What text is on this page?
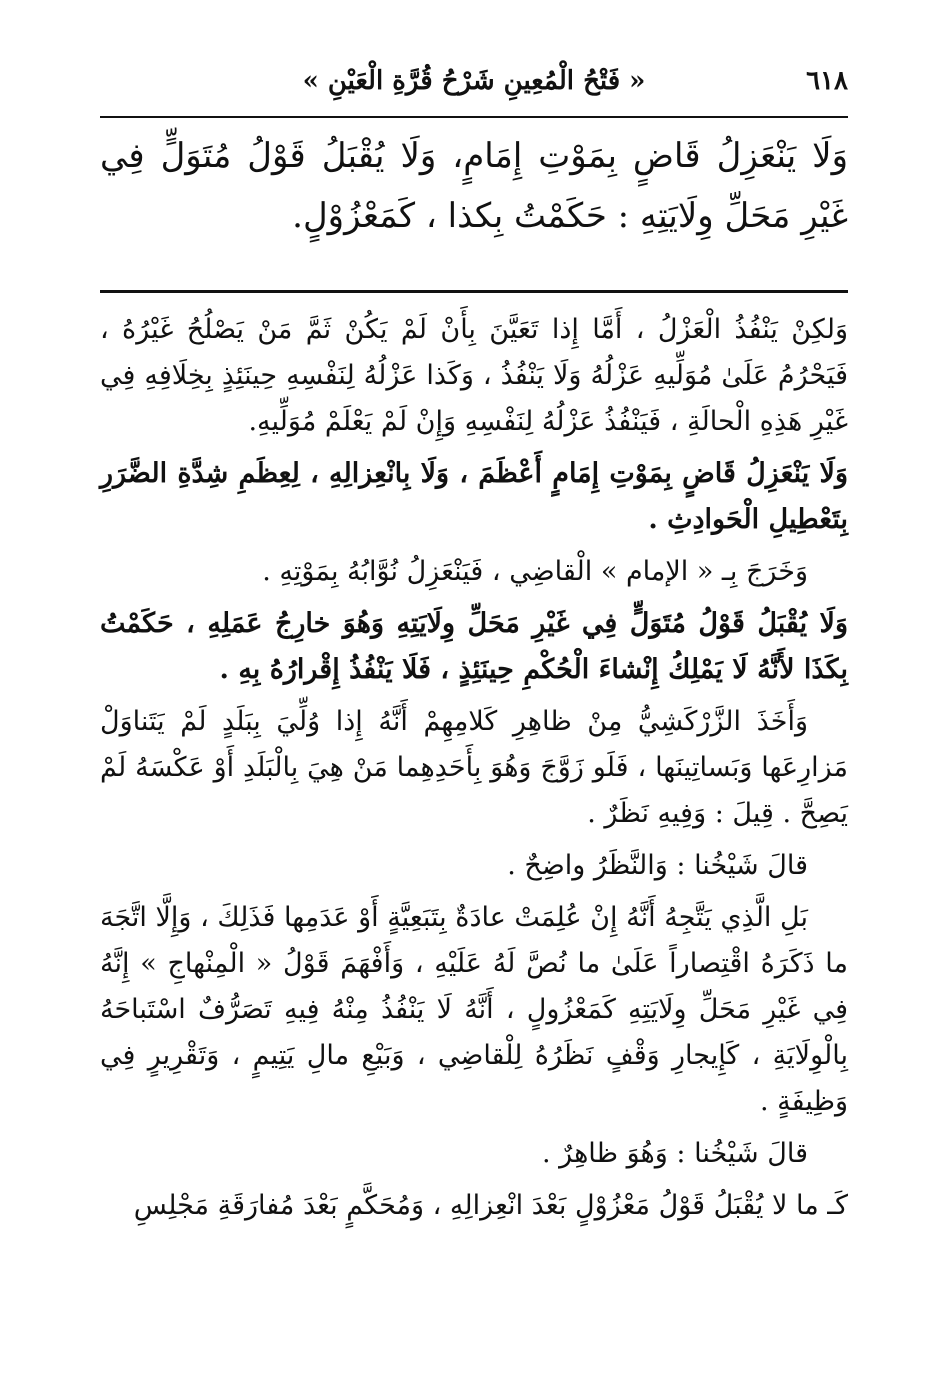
٦١٨
« فَتْحُ الْمُعِينِ شَرْحُ قُرَّةِ الْعَيْنِ »
وَلَا يَنْعَزِلُ قَاضٍ بِمَوْتِ إِمَامٍ، وَلَا يُقْبَلُ قَوْلُ مُتَوَلٍّ فِي غَيْرِ مَحَلِّ وِلَايَتِهِ : حَكَمْتُ بِكذا ، كَمَعْزُوْلٍ.

وَلكِنْ يَنْفُذُ الْعَزْلُ ، أَمَّا إِذا تَعَيَّنَ بِأَنْ لَمْ يَكُنْ ثَمَّ مَنْ يَصْلُحُ غَيْرُهُ ، فَيَحْرُمُ عَلَىٰ مُوَلِّيهِ عَزْلُهُ وَلَا يَنْفُذُ ، وَكَذا عَزْلُهُ لِنَفْسِهِ حِينَئِذٍ بِخِلَافِهِ فِي غَيْرِ هَذِهِ الْحالَةِ ، فَيَنْفُذُ عَزْلُهُ لِنَفْسِهِ وَإِنْ لَمْ يَعْلَمْ مُوَلِّيهِ.

وَلَا يَنْعَزِلُ قَاضٍ بِمَوْتِ إِمَامٍ أَعْظَمَ ، وَلَا بِانْعِزالِهِ ، لِعِظَمِ شِدَّةِ الضَّرَرِ بِتَعْطِيلِ الْحَوادِثِ .

وَخَرَجَ بِـ « الإمام » الْقاضِي ، فَيَنْعَزِلُ نُوَّابُهُ بِمَوْتِهِ .

وَلَا يُقْبَلُ قَوْلُ مُتَوَلٍّ فِي غَيْرِ مَحَلِّ وِلَايَتِهِ وَهُوَ خارِجُ عَمَلِهِ ، حَكَمْتُ بِكَذَا لأَنَّهُ لَا يَمْلِكُ إِنْشاءَ الْحُكْمِ حِينَئِذٍ ، فَلَا يَنْفُذُ إِقْرارُهُ بِهِ .

وَأَخَذَ الزَّرْكَشِيُّ مِنْ ظاهِرِ كَلامِهِمْ أَنَّهُ إِذا وُلِّيَ بِبَلَدٍ لَمْ يَتَناوَلْ مَزارِعَها وَبَساتِينَها ، فَلَو زَوَّجَ وَهُوَ بِأَحَدِهِما مَنْ هِيَ بِالْبَلَدِ أَوْ عَكْسَهُ لَمْ يَصِحَّ . قِيلَ : وَفِيهِ نَظَرٌ .

قالَ شَيْخُنا : وَالنَّظَرُ واضِحٌ .

بَلِ الَّذِي يَتَّجِهُ أَنَّهُ إِنْ عُلِمَتْ عادَةٌ بِتَبَعِيَّةٍ أَوْ عَدَمِها فَذَلِكَ ، وَإِلَّا اتَّجَهَ ما ذَكَرَهُ اقْتِصاراً عَلَىٰ ما نُصَّ لَهُ عَلَيْهِ ، وَأَفْهَمَ قَوْلُ « الْمِنْهاجِ » إِنَّهُ فِي غَيْرِ مَحَلِّ وِلَايَتِهِ كَمَعْزُولٍ ، أَنَّهُ لَا يَنْفُذُ مِنْهُ فِيهِ تَصَرُّفٌ اسْتَباحَهُ بِالْوِلَايَةِ ، كَإِيجارِ وَقْفٍ نَظَرُهُ لِلْقاضِي ، وَبَيْعِ مالِ يَتِيمٍ ، وَتَقْرِيرٍ فِي وَظِيفَةٍ .

قالَ شَيْخُنا : وَهُوَ ظاهِرٌ .

كَـ ما لا يُقْبَلُ قَوْلُ مَعْزُوْلٍ بَعْدَ انْعِزالِهِ ، وَمُحَكَّمٍ بَعْدَ مُفارَقَةِ مَجْلِسِ
